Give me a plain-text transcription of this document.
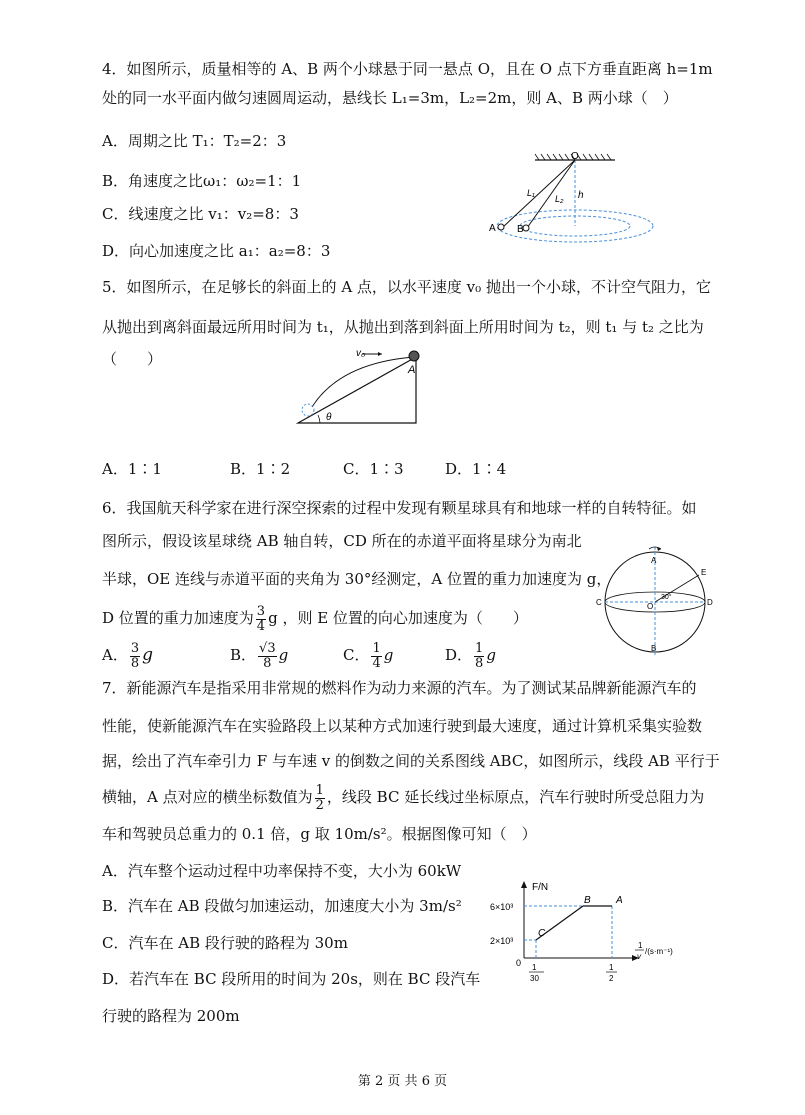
4．如图所示，质量相等的 A、B 两个小球悬于同一悬点 O，且在 O 点下方垂直距离 h=1m
处的同一水平面内做匀速圆周运动，悬线长 L₁=3m，L₂=2m，则 A、B 两小球（　）
A．周期之比 T₁：T₂=2：3
B．角速度之比ω₁：ω₂=1：1
C．线速度之比 v₁：v₂=8：3
D．向心加速度之比 a₁：a₂=8：3
O
L₁
L₂ h
A B
5．如图所示，在足够长的斜面上的 A 点，以水平速度 v₀ 抛出一个小球，不计空气阻力，它
从抛出到离斜面最远所用时间为 t₁，从抛出到落到斜面上所用时间为 t₂，则 t₁ 与 t₂ 之比为
（　　）	v₀
A
θ
A．1∶1	B．1∶2	C．1∶3	D．1∶4
6．我国航天科学家在进行深空探索的过程中发现有颗星球具有和地球一样的自转特征。如
图所示，假设该星球绕 AB 轴自转，CD 所在的赤道平面将星球分为南北
半球，OE 连线与赤道平面的夹角为 30°经测定，A 位置的重力加速度为 g，
D 位置的重力加速度为 $\frac{3}{4}$ g ，则 E 位置的向心加速度为（　　）
A． $\frac{3}{8}$ g	B． $\frac{√3}{8}$ g	C． $\frac{1}{4}$ g	D． $\frac{1}{8}$ g
A
B
C	D
E
O
30°
7．新能源汽车是指采用非常规的燃料作为动力来源的汽车。为了测试某品牌新能源汽车的
性能，使新能源汽车在实验路段上以某种方式加速行驶到最大速度，通过计算机采集实验数
据，绘出了汽车牵引力 F 与车速 v 的倒数之间的关系图线 ABC，如图所示，线段 AB 平行于
横轴，A 点对应的横坐标数值为 $\frac{1}{2}$ ，线段 BC 延长线过坐标原点，汽车行驶时所受总阻力为
车和驾驶员总重力的 0.1 倍，g 取 10m/s²。根据图像可知（　）
A．汽车整个运动过程中功率保持不变，大小为 60kW
B．汽车在 AB 段做匀加速运动，加速度大小为 3m/s²
C．汽车在 AB 段行驶的路程为 30m
D．若汽车在 BC 段所用的时间为 20s，则在 BC 段汽车
行驶的路程为 200m
F/N
6×10³
2×10³
0 1
30
1
2
1
v
/(s·m⁻¹)
A
B
C
第 2 页 共 6 页
